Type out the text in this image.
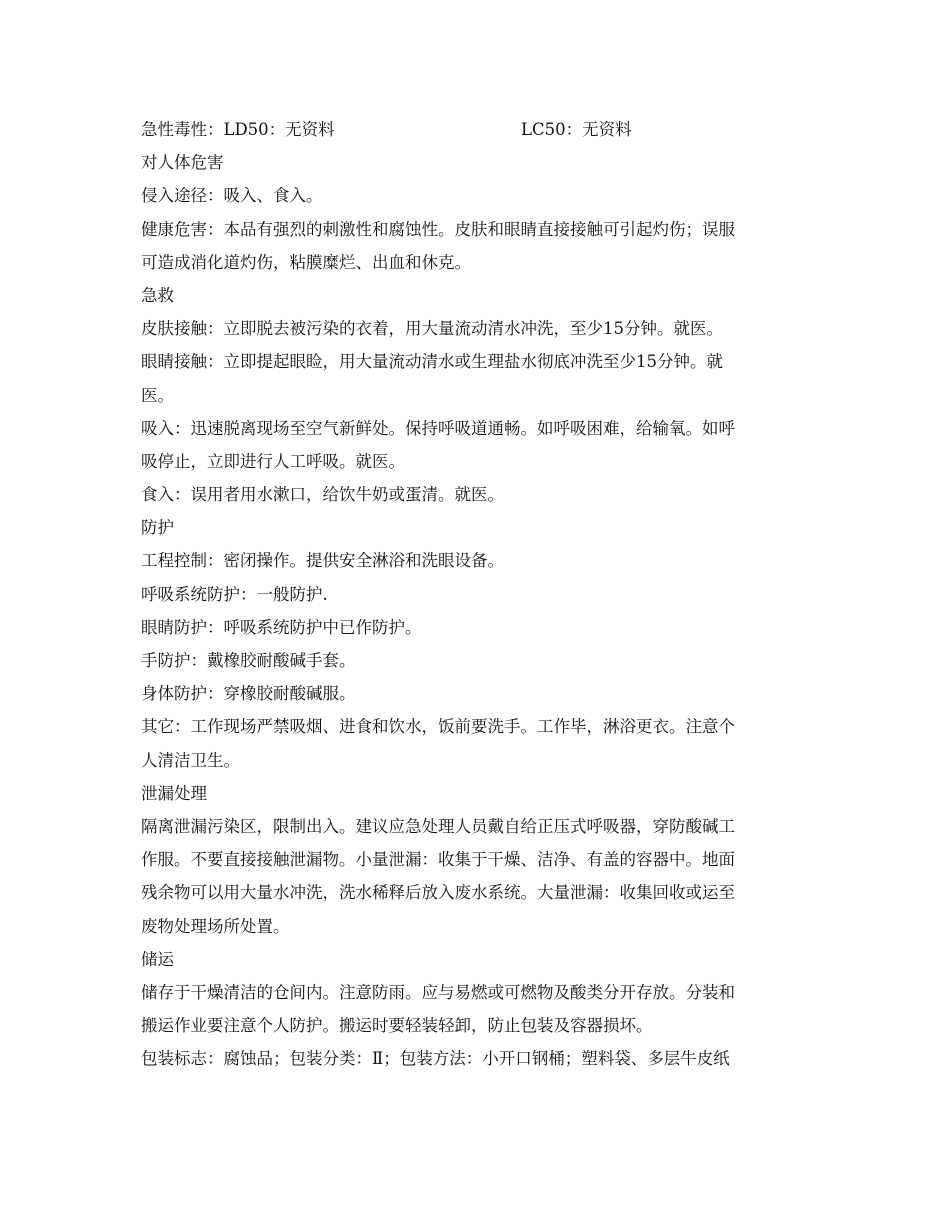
急性毒性：LD50：无资料	LC50：无资料
对人体危害
侵入途径：吸入、食入。
健康危害：本品有强烈的刺激性和腐蚀性。皮肤和眼睛直接接触可引起灼伤；误服
可造成消化道灼伤，粘膜糜烂、出血和休克。
急救
皮肤接触：立即脱去被污染的衣着，用大量流动清水冲洗，至少15分钟。就医。
眼睛接触：立即提起眼睑，用大量流动清水或生理盐水彻底冲洗至少15分钟。就
医。
吸入：迅速脱离现场至空气新鲜处。保持呼吸道通畅。如呼吸困难，给输氧。如呼
吸停止，立即进行人工呼吸。就医。
食入：误用者用水漱口，给饮牛奶或蛋清。就医。
防护
工程控制：密闭操作。提供安全淋浴和洗眼设备。
呼吸系统防护：一般防护.
眼睛防护：呼吸系统防护中已作防护。
手防护：戴橡胶耐酸碱手套。
身体防护：穿橡胶耐酸碱服。
其它：工作现场严禁吸烟、进食和饮水，饭前要洗手。工作毕，淋浴更衣。注意个
人清洁卫生。
泄漏处理
隔离泄漏污染区，限制出入。建议应急处理人员戴自给正压式呼吸器，穿防酸碱工
作服。不要直接接触泄漏物。小量泄漏：收集于干燥、洁净、有盖的容器中。地面
残余物可以用大量水冲洗，洗水稀释后放入废水系统。大量泄漏：收集回收或运至
废物处理场所处置。
储运
储存于干燥清洁的仓间内。注意防雨。应与易燃或可燃物及酸类分开存放。分装和
搬运作业要注意个人防护。搬运时要轻装轻卸，防止包装及容器损坏。
包装标志：腐蚀品；包装分类：Ⅱ；包装方法：小开口钢桶；塑料袋、多层牛皮纸
